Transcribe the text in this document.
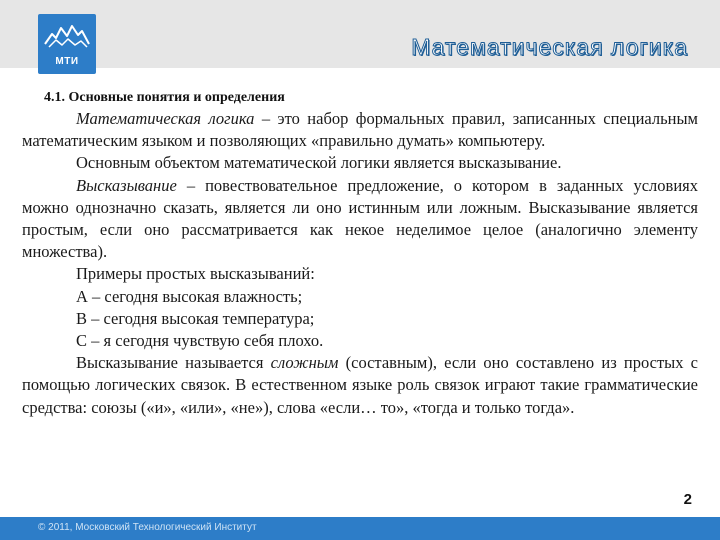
МТИ
Математическая логика
4.1. Основные понятия и определения

Математическая логика – это набор формальных правил, записанных специальным математическим языком и позволяющих «правильно думать» компьютеру.

Основным объектом математической логики является высказывание.

Высказывание – повествовательное предложение, о котором в заданных условиях можно однозначно сказать, является ли оно истинным или ложным. Высказывание является простым, если оно рассматривается как некое неделимое целое (аналогично элементу множества).

Примеры простых высказываний:

А – сегодня высокая влажность;

В – сегодня высокая температура;

С – я сегодня чувствую себя плохо.

Высказывание называется сложным (составным), если оно составлено из простых с помощью логических связок. В естественном языке роль связок играют такие грамматические средства: союзы («и», «или», «не»), слова «если… то», «тогда и только тогда».

2
© 2011, Московский Технологический Институт
